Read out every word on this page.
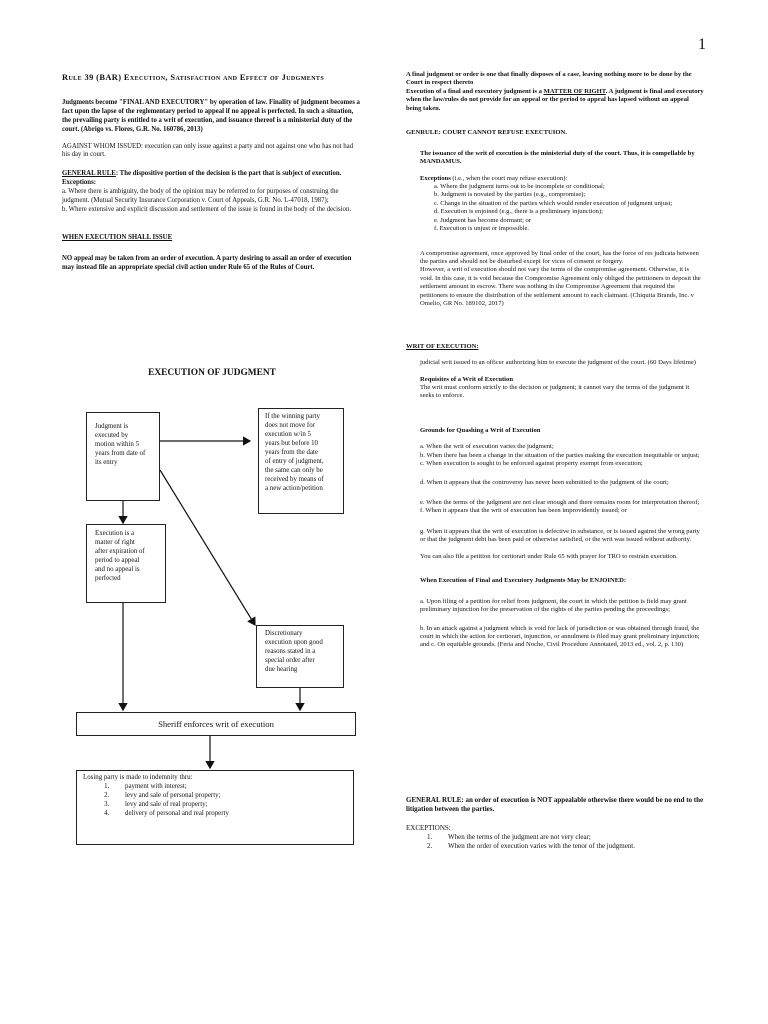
1

Rule 39 (BAR) Execution, Satisfaction and Effect of Judgments

Judgments become "FINAL AND EXECUTORY" by operation of law. Finality of judgment becomes a fact upon the lapse of the reglementary period to appeal if no appeal is perfected. In such a situation, the prevailing party is entitled to a writ of execution, and issuance thereof is a ministerial duty of the court. (Abrigo vs. Flores, G.R. No. 160786, 2013)

AGAINST WHOM ISSUED: execution can only issue against a party and not against one who has not had his day in court.

GENERAL RULE: The dispositive portion of the decision is the part that is subject of execution.

Exceptions:

a. Where there is ambiguity, the body of the opinion may be referred to for purposes of construing the judgment. (Mutual Security Insurance Corporation v. Court of Appeals, G.R. No. L-47018, 1987);

b. Where extensive and explicit discussion and settlement of the issue is found in the body of the decision.

WHEN EXECUTION SHALL ISSUE

NO appeal may be taken from an order of execution. A party desiring to assail an order of execution may instead file an appropriate special civil action under Rule 65 of the Rules of Court.

EXECUTION OF JUDGMENT
Judgment is
executed by
motion within 5
years from date of
its entry
If the winning party
does not move for
execution w/in 5
years but before 10
years from the date
of entry of judgment,
the same can only be
received by means of
a new action/petition
Execution is a
matter of right
after expiration of
period to appeal
and no appeal is
perfected
Discretionary
execution upon good
reasons stated in a
special order after
due hearing
Sheriff enforces writ of execution
Losing party is made to indemnity thru:
1. payment with interest;
2. levy and sale of personal property;
3. levy and sale of real property;
4. delivery of personal and real property

A final judgment or order is one that finally disposes of a case, leaving nothing more to be done by the Court in respect thereto

Execution of a final and executory judgment is a MATTER OF RIGHT. A judgment is final and executory when the law/rules do not provide for an appeal or the period to appeal has lapsed without an appeal being taken.

GENRULE: COURT CANNOT REFUSE EXECTUION.

The issuance of the writ of execution is the ministerial duty of the court. Thus, it is compellable by MANDAMUS.

Exceptions (i.e., when the court may refuse execution):

a. Where the judgment turns out to be incomplete or conditional;

b. Judgment is novated by the parties (e.g., compromise);

c. Change in the situation of the parties which would render execution of judgment unjust;

d. Execution is enjoined (e.g., there is a preliminary injunction);

e. Judgment has become dormant; or

f. Execution is unjust or impossible.

A compromise agreement, once approved by final order of the court, has the force of res judicata between the parties and should not be disturbed except for vices of consent or forgery.

However, a writ of execution should not vary the terms of the compromise agreement. Otherwise, it is void. In this case, it is void because the Compromise Agreement only obliged the petitioners to deposit the settlement amount in escrow. There was nothing in the Compromise Agreement that required the petitioners to ensure the distribution of the settlement amount to each claimant. (Chiquita Brands, Inc. v Omelio, GR No. 189102, 2017)

WRIT OF EXECUTION:

judicial writ issued to an officer authorizing him to execute the judgment of the court. (60 Days lifetime)

Requisites of a Writ of Execution

The writ must conform strictly to the decision or judgment; it cannot vary the terms of the judgment it seeks to enforce.

Grounds for Quashing a Writ of Execution

a. When the writ of execution varies the judgment;

b. When there has been a change in the situation of the parties making the execution inequitable or unjust;

c. When execution is sought to be enforced against property exempt from execution;

d. When it appears that the controversy has never been submitted to the judgment of the court;

e. When the terms of the judgment are not clear enough and there remains room for interpretation thereof;

f. When it appears that the writ of execution has been improvidently issued; or

g. When it appears that the writ of execution is defective in substance, or is issued against the wrong party or that the judgment debt has been paid or otherwise satisfied, or the writ was issued without authority.

You can also file a petition for certiorari under Rule 65 with prayer for TRO to restrain execution.

When Execution of Final and Executory Judgments May be ENJOINED:

a. Upon filing of a petition for relief from judgment, the court in which the petition is field may grant preliminary injunction for the preservation of the rights of the parties pending the proceedings;

b. In an attack against a judgment which is void for lack of jurisdiction or was obtained through fraud, the court in which the action for certiorari, injunction, or annulment is filed may grant preliminary injunction; and c. On equitable grounds. (Feria and Noche, Civil Procedure Annotated, 2013 ed., vol. 2, p. 130)

GENERAL RULE: an order of execution is NOT appealable otherwise there would be no end to the litigation between the parties.

EXCEPTIONS:

1. When the terms of the judgment are not very clear;
2. When the order of execution varies with the tenor of the judgment.
